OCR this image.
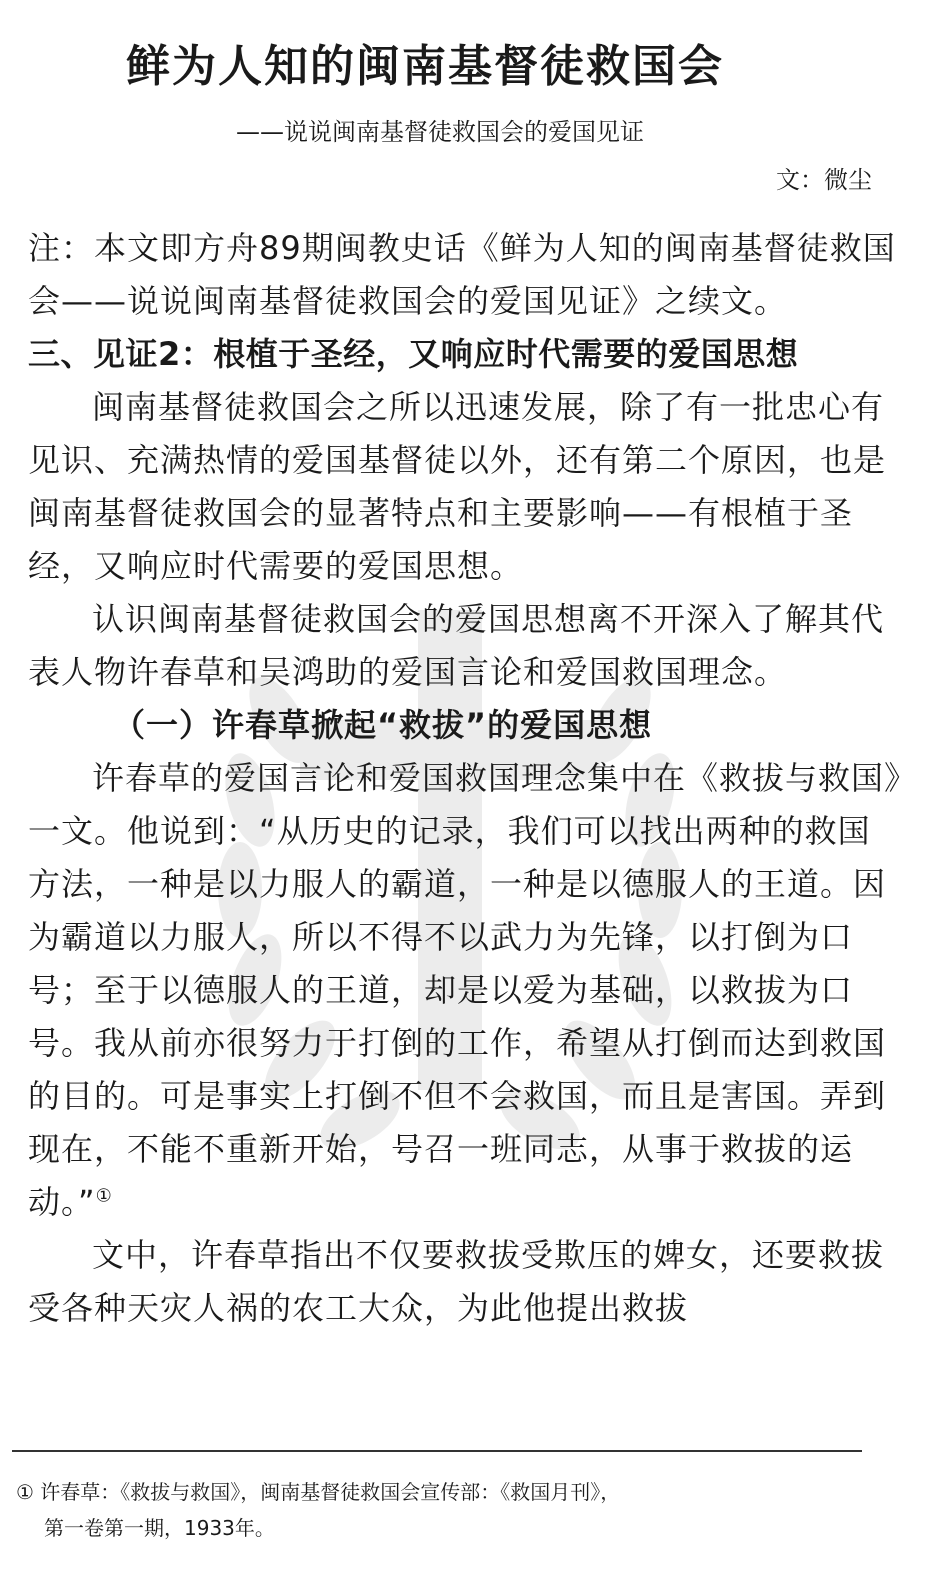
鲜为人知的闽南基督徒救国会
——说说闽南基督徒救国会的爱国见证
文：微尘

注：本文即方舟89期闽教史话《鲜为人知的闽南基督徒救国会——说说闽南基督徒救国会的爱国见证》之续文。

三、见证2：根植于圣经，又响应时代需要的爱国思想

闽南基督徒救国会之所以迅速发展，除了有一批忠心有见识、充满热情的爱国基督徒以外，还有第二个原因，也是闽南基督徒救国会的显著特点和主要影响——有根植于圣经，又响应时代需要的爱国思想。

认识闽南基督徒救国会的爱国思想离不开深入了解其代表人物许春草和吴鸿助的爱国言论和爱国救国理念。

（一）许春草掀起“救拔”的爱国思想

许春草的爱国言论和爱国救国理念集中在《救拔与救国》一文。他说到：“从历史的记录，我们可以找出两种的救国方法，一种是以力服人的霸道，一种是以德服人的王道。因为霸道以力服人，所以不得不以武力为先锋，以打倒为口号；至于以德服人的王道，却是以爱为基础，以救拔为口号。我从前亦很努力于打倒的工作，希望从打倒而达到救国的目的。可是事实上打倒不但不会救国，而且是害国。弄到现在，不能不重新开始，号召一班同志，从事于救拔的运动。”①

文中，许春草指出不仅要救拔受欺压的婢女，还要救拔受各种天灾人祸的农工大众，为此他提出救拔

① 许春草：《救拔与救国》，闽南基督徒救国会宣传部：《救国月刊》，
第一卷第一期，1933年。
